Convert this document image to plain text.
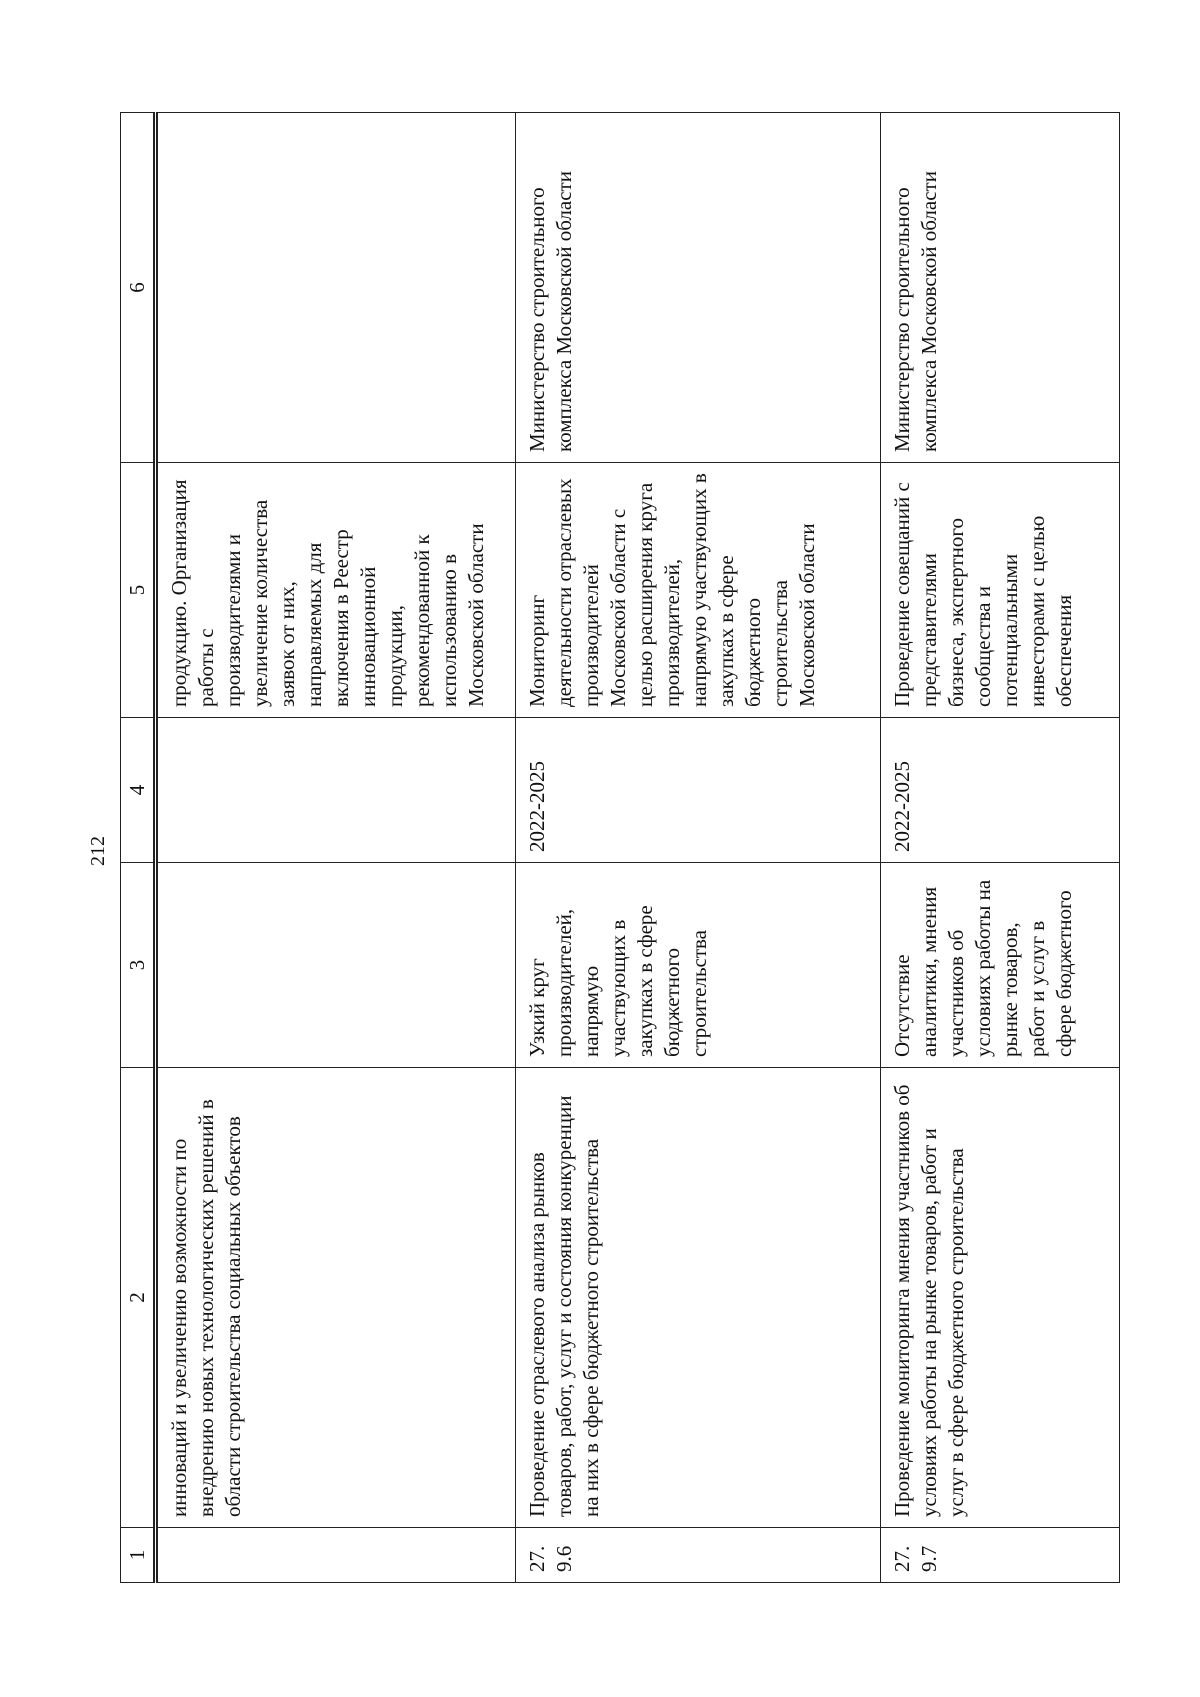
212
1	2	3	4	5	6
	инноваций и увеличению возможности по внедрению новых технологических решений в области строительства социальных объектов			продукцию. Организация работы с производителями и увеличение количества заявок от них, направляемых для включения в Реестр инновационной продукции, рекомендованной к использованию в Московской области	
27.9.6	Проведение отраслевого анализа рынков товаров, работ, услуг и состояния конкуренции на них в сфере бюджетного строительства	Узкий круг производителей, напрямую участвующих в закупках в сфере бюджетного строительства	2022-2025	Мониторинг деятельности отраслевых производителей Московской области с целью расширения круга производителей, напрямую участвующих в закупках в сфере бюджетного строительства Московской области	Министерство строительного комплекса Московской области
27.9.7	Проведение мониторинга мнения участников об условиях работы на рынке товаров, работ и услуг в сфере бюджетного строительства	Отсутствие аналитики, мнения участников об условиях работы на рынке товаров, работ и услуг в сфере бюджетного	2022-2025	Проведение совещаний с представителями бизнеса, экспертного сообщества и потенциальными инвесторами с целью обеспечения	Министерство строительного комплекса Московской области
